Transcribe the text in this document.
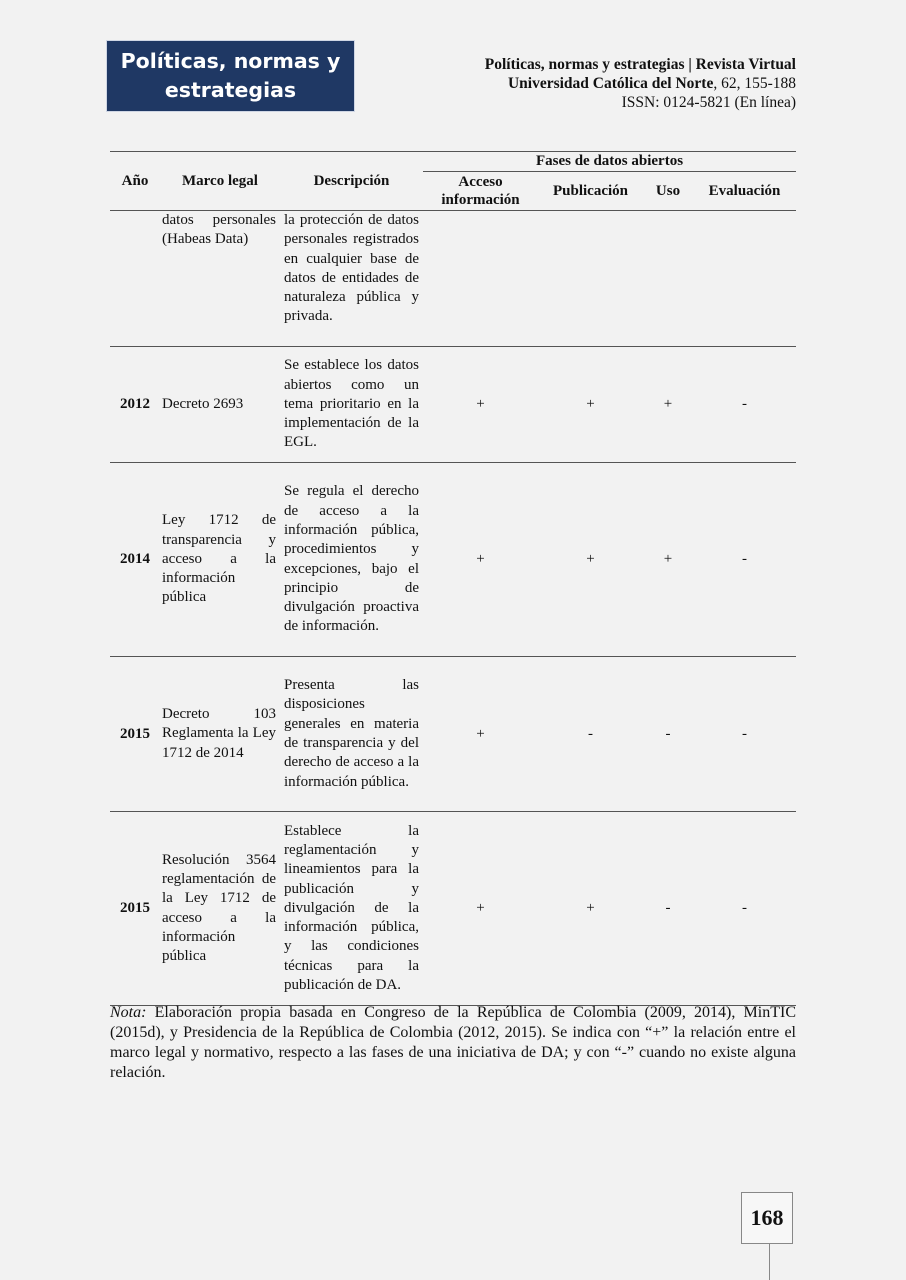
Políticas, normas y
estrategias
Políticas, normas y estrategias | Revista Virtual
Universidad Católica del Norte, 62, 155-188
ISSN: 0124-5821 (En línea)
Año	Marco legal	Descripción	Fases de datos abiertos			
			Acceso información	Publicación	Uso	Evaluación
	datos personales (Habeas Data)	la protección de datos personales registrados en cualquier base de datos de entidades de naturaleza pública y privada.				
2012	Decreto 2693	Se establece los datos abiertos como un tema prioritario en la implementación de la EGL.	+	+	+	-
2014	Ley 1712 de transparencia y acceso a la información pública	Se regula el derecho de acceso a la información pública, procedimientos y excepciones, bajo el principio de divulgación proactiva de información.	+	+	+	-
2015	Decreto 103 Reglamenta la Ley 1712 de 2014	Presenta las disposiciones generales en materia de transparencia y del derecho de acceso a la información pública.	+	-	-	-
2015	Resolución 3564 reglamentación de la Ley 1712 de acceso a la información pública	Establece la reglamentación y lineamientos para la publicación y divulgación de la información pública, y las condiciones técnicas para la publicación de DA.	+	+	-	-
Nota: Elaboración propia basada en Congreso de la República de Colombia (2009, 2014), MinTIC (2015d), y Presidencia de la República de Colombia (2012, 2015). Se indica con “+” la relación entre el marco legal y normativo, respecto a las fases de una iniciativa de DA; y con “-” cuando no existe alguna relación.
168
